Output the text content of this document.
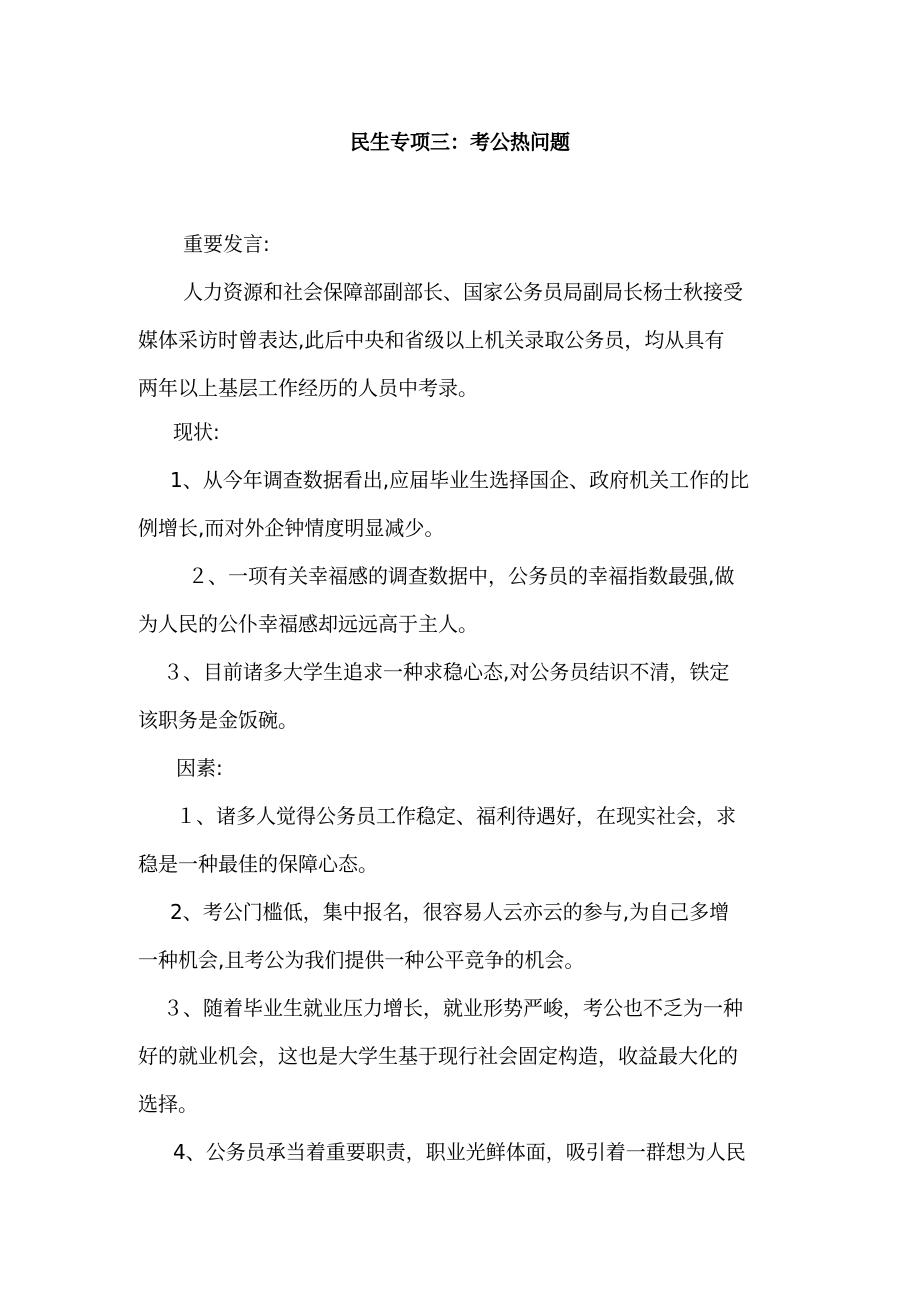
民生专项三：考公热问题
重要发言:
人力资源和社会保障部副部长、国家公务员局副局长杨士秋接受
媒体采访时曾表达,此后中央和省级以上机关录取公务员，均从具有
两年以上基层工作经历的人员中考录。
现状:
1、从今年调查数据看出,应届毕业生选择国企、政府机关工作的比
例增长,而对外企钟情度明显减少。
２、一项有关幸福感的调查数据中，公务员的幸福指数最强,做
为人民的公仆幸福感却远远高于主人。
３、目前诸多大学生追求一种求稳心态,对公务员结识不清，铁定
该职务是金饭碗。
因素:
１、诸多人觉得公务员工作稳定、福利待遇好，在现实社会，求
稳是一种最佳的保障心态。
2、考公门槛低，集中报名，很容易人云亦云的参与,为自己多增
一种机会,且考公为我们提供一种公平竞争的机会。
３、随着毕业生就业压力增长，就业形势严峻，考公也不乏为一种
好的就业机会，这也是大学生基于现行社会固定构造，收益最大化的
选择。
4、公务员承当着重要职责，职业光鲜体面，吸引着一群想为人民
